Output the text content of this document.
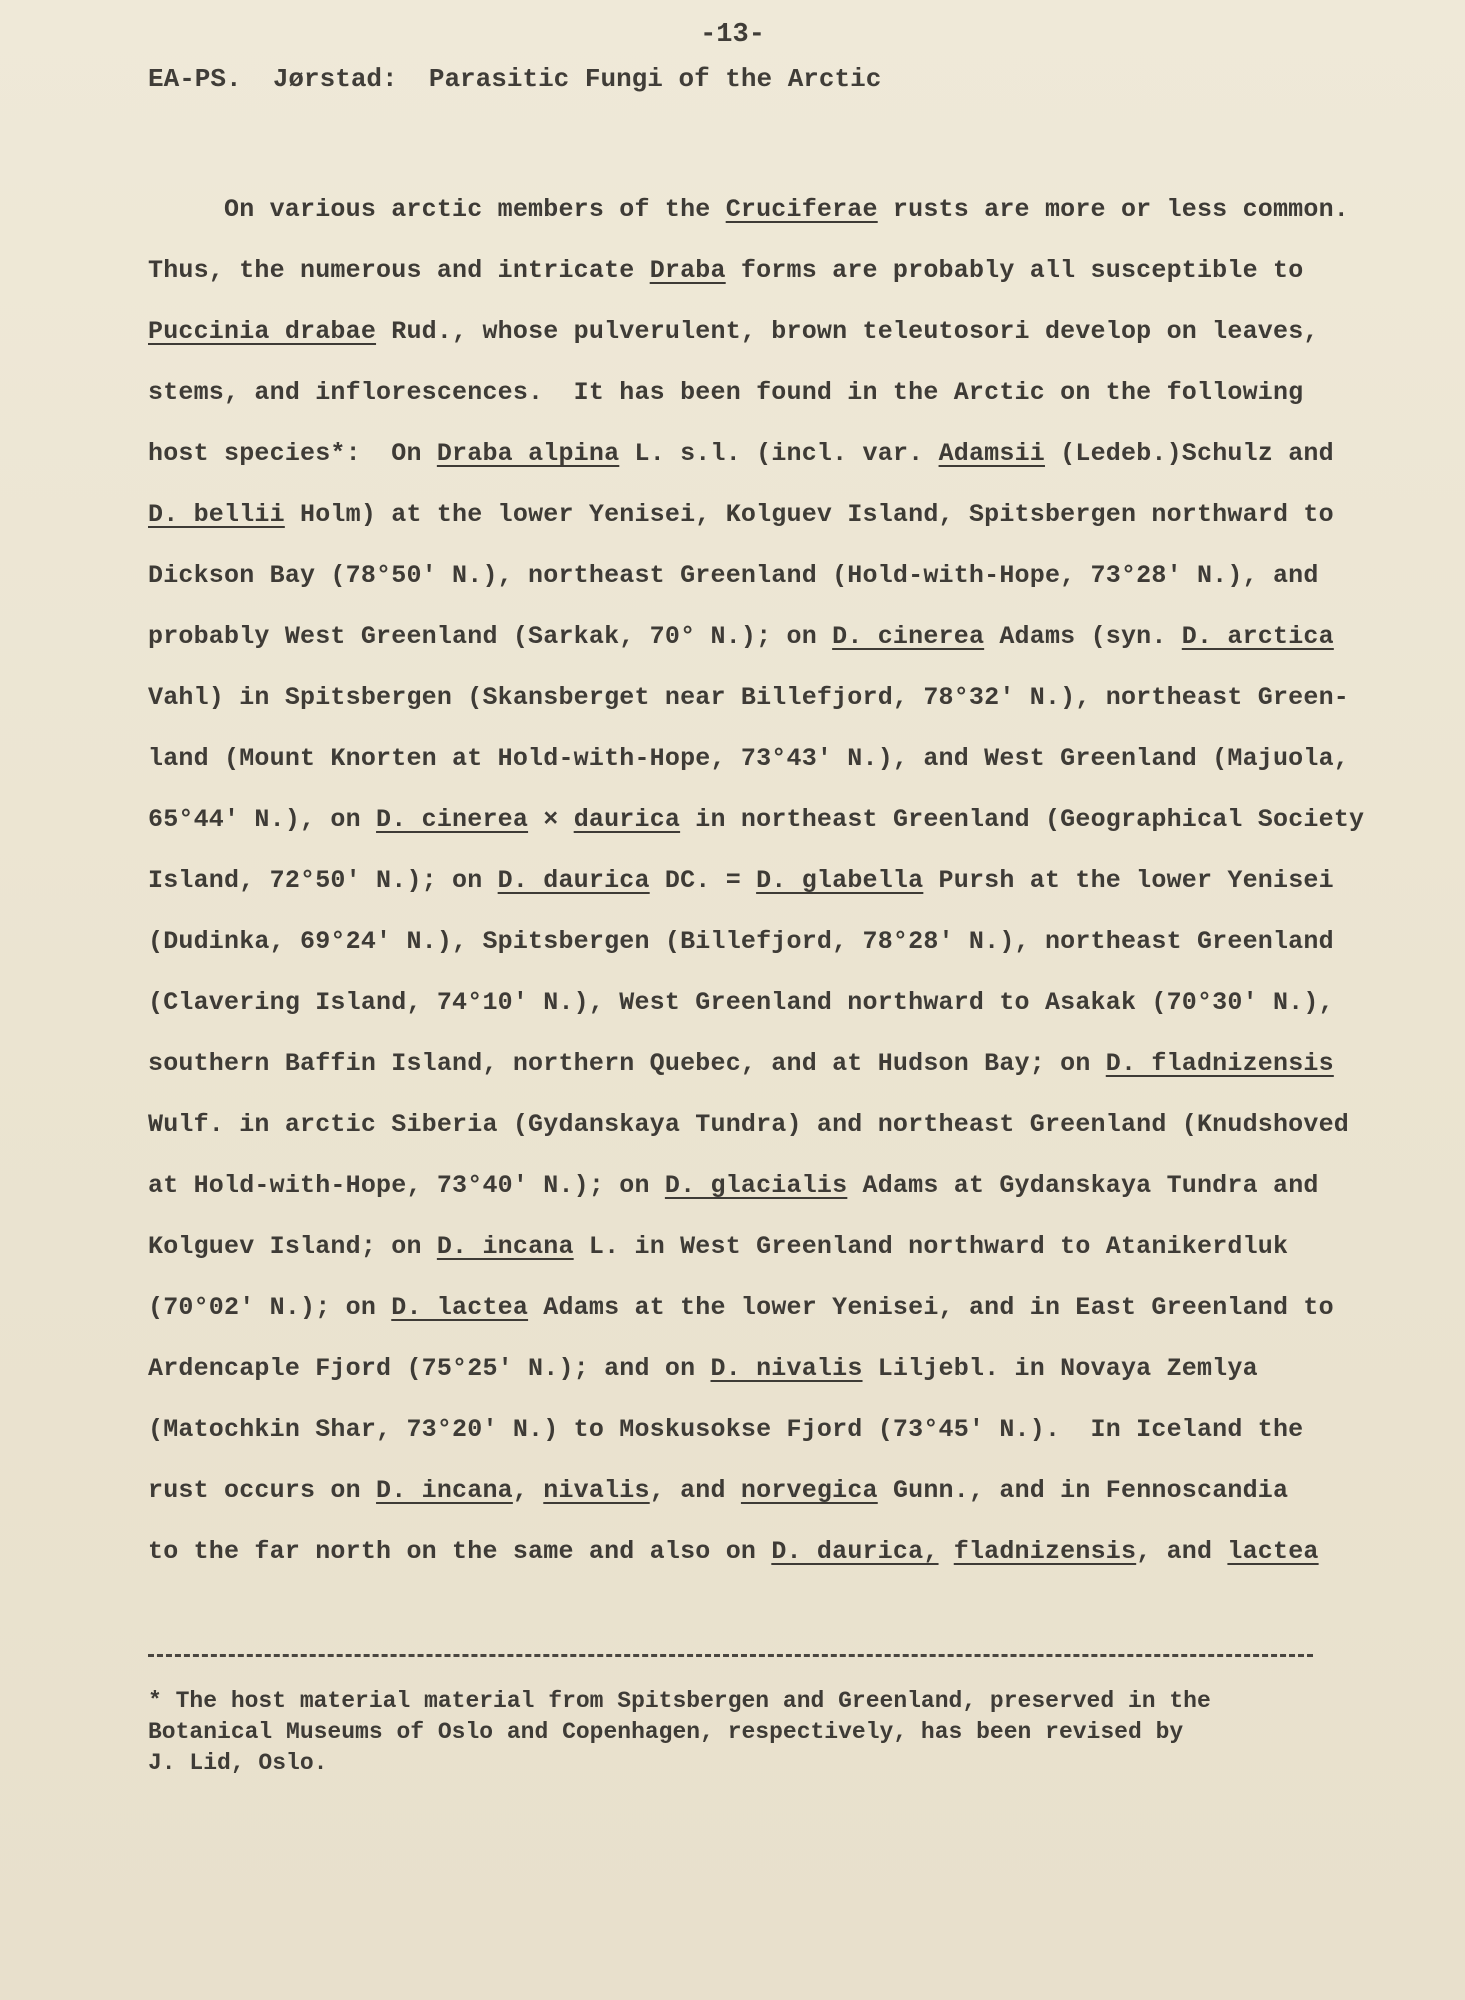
-13-
EA-PS.  Jørstad:  Parasitic Fungi of the Arctic
On various arctic members of the Cruciferae rusts are more or less common.
Thus, the numerous and intricate Draba forms are probably all susceptible to
Puccinia drabae Rud., whose pulverulent, brown teleutosori develop on leaves,
stems, and inflorescences.  It has been found in the Arctic on the following
host species*:  On Draba alpina L. s.l. (incl. var. Adamsii (Ledeb.)Schulz and
D. bellii Holm) at the lower Yenisei, Kolguev Island, Spitsbergen northward to
Dickson Bay (78°50' N.), northeast Greenland (Hold-with-Hope, 73°28' N.), and
probably West Greenland (Sarkak, 70° N.); on D. cinerea Adams (syn. D. arctica
Vahl) in Spitsbergen (Skansberget near Billefjord, 78°32' N.), northeast Green-
land (Mount Knorten at Hold-with-Hope, 73°43' N.), and West Greenland (Majuola,
65°44' N.), on D. cinerea × daurica in northeast Greenland (Geographical Society
Island, 72°50' N.); on D. daurica DC. = D. glabella Pursh at the lower Yenisei
(Dudinka, 69°24' N.), Spitsbergen (Billefjord, 78°28' N.), northeast Greenland
(Clavering Island, 74°10' N.), West Greenland northward to Asakak (70°30' N.),
southern Baffin Island, northern Quebec, and at Hudson Bay; on D. fladnizensis
Wulf. in arctic Siberia (Gydanskaya Tundra) and northeast Greenland (Knudshoved
at Hold-with-Hope, 73°40' N.); on D. glacialis Adams at Gydanskaya Tundra and
Kolguev Island; on D. incana L. in West Greenland northward to Atanikerdluk
(70°02' N.); on D. lactea Adams at the lower Yenisei, and in East Greenland to
Ardencaple Fjord (75°25' N.); and on D. nivalis Liljebl. in Novaya Zemlya
(Matochkin Shar, 73°20' N.) to Moskusokse Fjord (73°45' N.).  In Iceland the
rust occurs on D. incana, nivalis, and norvegica Gunn., and in Fennoscandia
to the far north on the same and also on D. daurica, fladnizensis, and lactea
* The host material material from Spitsbergen and Greenland, preserved in the
Botanical Museums of Oslo and Copenhagen, respectively, has been revised by
J. Lid, Oslo.
